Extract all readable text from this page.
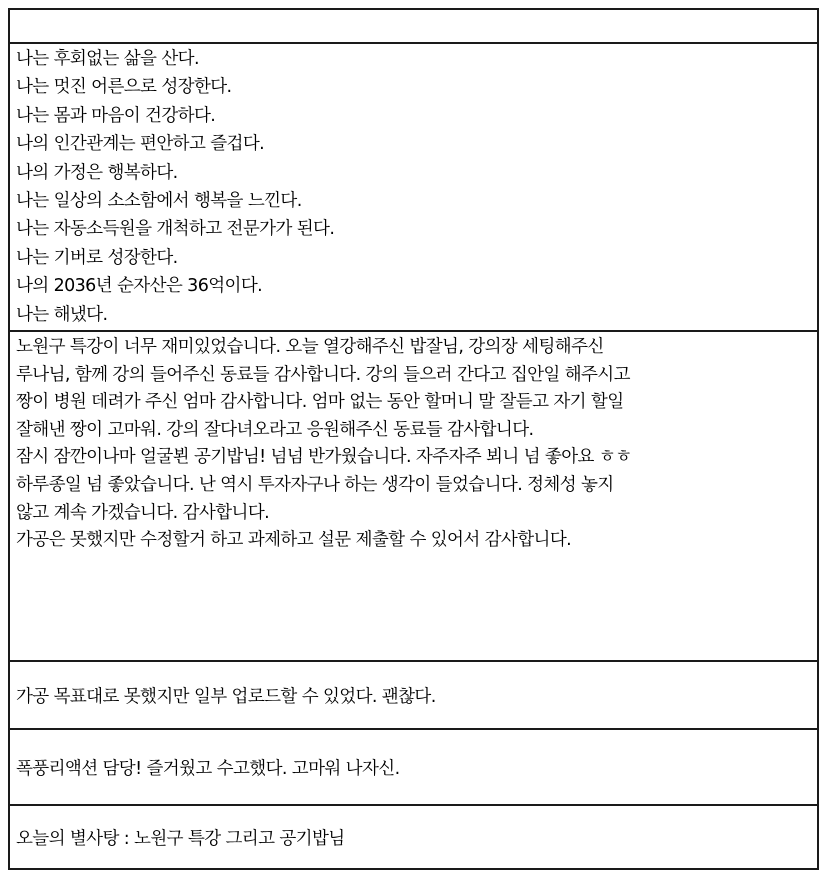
나는 후회없는 삶을 산다.
나는 멋진 어른으로 성장한다.
나는 몸과 마음이 건강하다.
나의 인간관계는 편안하고 즐겁다.
나의 가정은 행복하다.
나는 일상의 소소함에서 행복을 느낀다.
나는 자동소득원을 개척하고 전문가가 된다.
나는 기버로 성장한다.
나의 2036년 순자산은 36억이다.
나는 해냈다.
노원구 특강이 너무 재미있었습니다. 오늘 열강해주신 밥잘님, 강의장 세팅해주신
루나님, 함께 강의 들어주신 동료들 감사합니다. 강의 들으러 간다고 집안일 해주시고
짱이 병원 데려가 주신 엄마 감사합니다. 엄마 없는 동안 할머니 말 잘듣고 자기 할일
잘해낸 짱이 고마워. 강의 잘다녀오라고 응원해주신 동료들 감사합니다.
잠시 잠깐이나마 얼굴뵌 공기밥님! 넘넘 반가웠습니다. 자주자주 뵈니 넘 좋아요 ㅎㅎ
하루종일 넘 좋았습니다. 난 역시 투자자구나 하는 생각이 들었습니다. 정체성 놓지
않고 계속 가겠습니다. 감사합니다.
가공은 못했지만 수정할거 하고 과제하고 설문 제출할 수 있어서 감사합니다.
가공 목표대로 못했지만 일부 업로드할 수 있었다. 괜찮다.
폭풍리액션 담당! 즐거웠고 수고했다. 고마워 나자신.
오늘의 별사탕 : 노원구 특강 그리고 공기밥님
